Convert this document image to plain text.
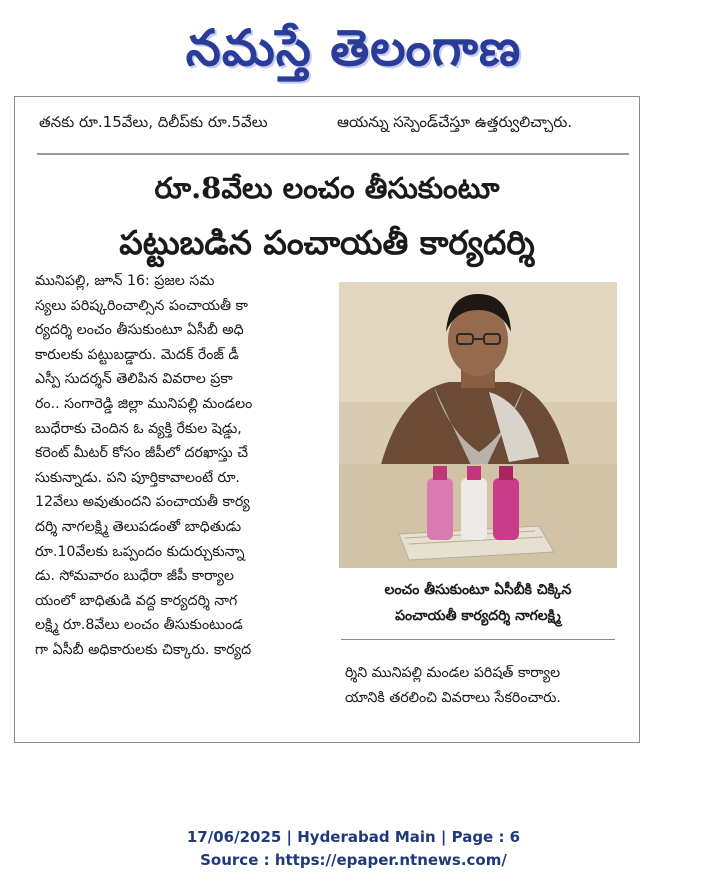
నమస్తే తెలంగాణ
తనకు రూ.15వేలు, దిలీప్‌కు రూ.5వేలు	ఆయన్ను సస్పెండ్‌చేస్తూ ఉత్తర్వులిచ్చారు.
రూ.8వేలు లంచం తీసుకుంటూ
పట్టుబడిన పంచాయతీ కార్యదర్శి
మునిపల్లి, జూన్ 16: ప్రజల సమ
స్యలు పరిష్కరించాల్సిన పంచాయతీ కా
ర్యదర్శి లంచం తీసుకుంటూ ఏసీబీ అధి
కారులకు పట్టుబడ్డారు. మెదక్ రేంజ్ డీ
ఎస్పీ సుదర్శన్ తెలిపిన వివరాల ప్రకా
రం.. సంగారెడ్డి జిల్లా మునిపల్లి మండలం
బుధేరాకు చెందిన ఓ వ్యక్తి రేకుల షెడ్డు,
కరెంట్ మీటర్ కోసం జీపీలో దరఖాస్తు చే
సుకున్నాడు. పని పూర్తికావాలంటే రూ.
12వేలు అవుతుందని పంచాయతీ కార్య
దర్శి నాగలక్ష్మి తెలుపడంతో బాధితుడు
రూ.10వేలకు ఒప్పందం కుదుర్చుకున్నా
డు. సోమవారం బుధేరా జీపీ కార్యాల
యంలో బాధితుడి వద్ద కార్యదర్శి నాగ
లక్ష్మి రూ.8వేలు లంచం తీసుకుంటుండ
గా ఏసీబీ అధికారులకు చిక్కారు. కార్యద
లంచం తీసుకుంటూ ఏసీబీకి చిక్కిన
పంచాయతీ కార్యదర్శి నాగలక్ష్మి
ర్శిని మునిపల్లి మండల పరిషత్ కార్యాల
యానికి తరలించి వివరాలు సేకరించారు.
17/06/2025 | Hyderabad Main | Page : 6
Source : https://epaper.ntnews.com/
